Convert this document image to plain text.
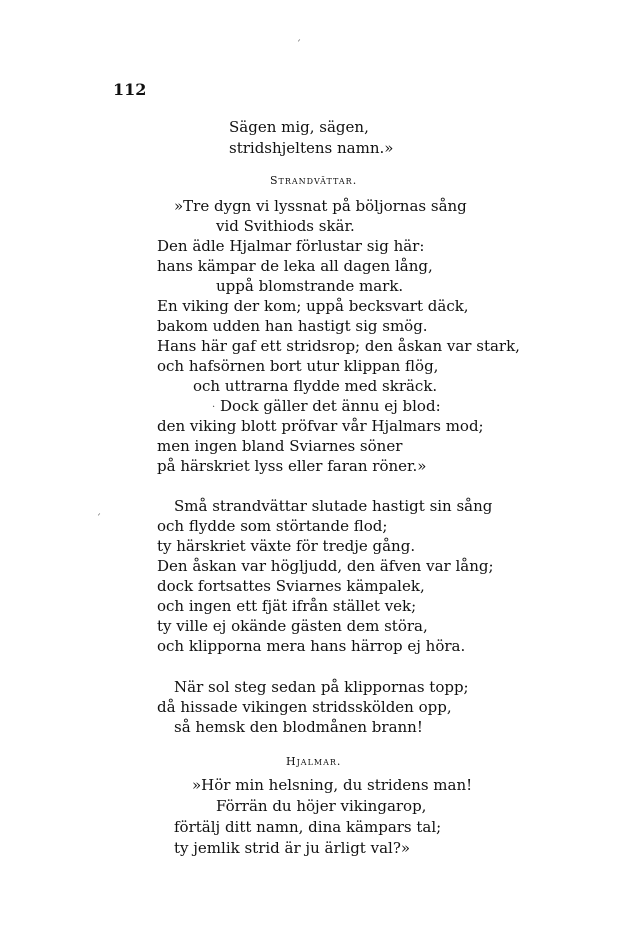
ˊ
ˊ
·
112
Sägen mig, sägen,
stridshjeltens namn.»
Strandvättar.
»Tre dygn vi lyssnat på böljornas sång
vid Svithiods skär.
Den ädle Hjalmar förlustar sig här:
hans kämpar de leka all dagen lång,
uppå blomstrande mark.
En viking der kom; uppå becksvart däck,
bakom udden han hastigt sig smög.
Hans här gaf ett stridsrop; den åskan var stark,
och hafsörnen bort utur klippan flög,
och uttrarna flydde med skräck.
Dock gäller det ännu ej blod:
den viking blott pröfvar vår Hjalmars mod;
men ingen bland Sviarnes söner
på härskriet lyss eller faran röner.»
Små strandvättar slutade hastigt sin sång
och flydde som störtande flod;
ty härskriet växte för tredje gång.
Den åskan var högljudd, den äfven var lång;
dock fortsattes Sviarnes kämpalek,
och ingen ett fjät ifrån stället vek;
ty ville ej okände gästen dem störa,
och klipporna mera hans härrop ej höra.
När sol steg sedan på klippornas topp;
då hissade vikingen stridsskölden opp,
så hemsk den blodmånen brann!
Hjalmar.
»Hör min helsning, du stridens man!
Förrän du höjer vikingarop,
förtälj ditt namn, dina kämpars tal;
ty jemlik strid är ju ärligt val?»
